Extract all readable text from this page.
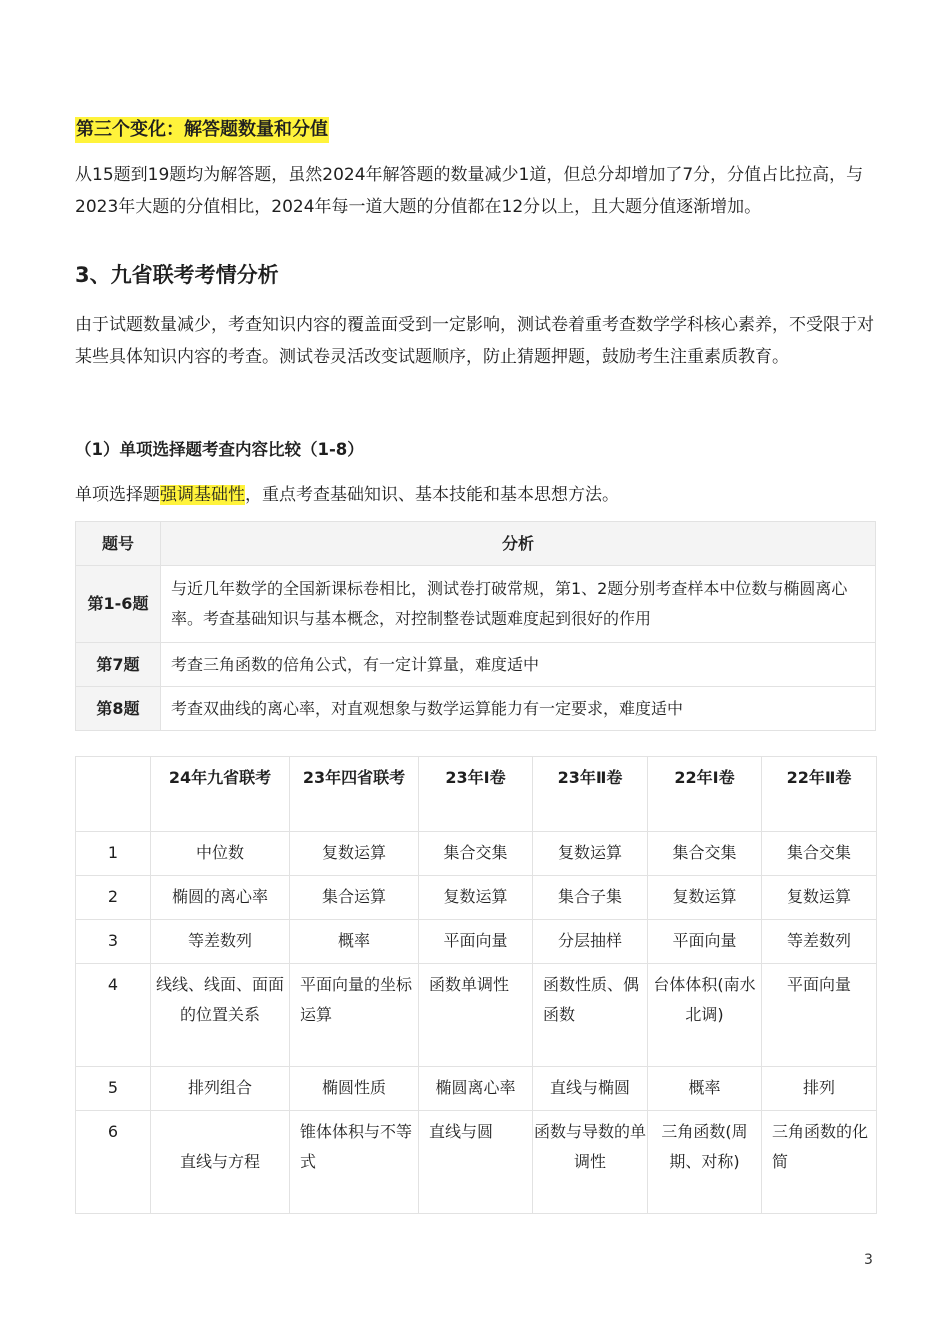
第三个变化：解答题数量和分值
从15题到19题均为解答题，虽然2024年解答题的数量减少1道，但总分却增加了7分，分值占比拉高，与2023年大题的分值相比，2024年每一道大题的分值都在12分以上，且大题分值逐渐增加。
3、九省联考考情分析
由于试题数量减少，考查知识内容的覆盖面受到一定影响，测试卷着重考查数学学科核心素养，不受限于对某些具体知识内容的考查。测试卷灵活改变试题顺序，防止猜题押题，鼓励考生注重素质教育。
（1）单项选择题考查内容比较（1-8）
单项选择题强调基础性，重点考查基础知识、基本技能和基本思想方法。
题号	分析
第1-6题	与近几年数学的全国新课标卷相比，测试卷打破常规，第1、2题分别考查样本中位数与椭圆离心率。考查基础知识与基本概念，对控制整卷试题难度起到很好的作用
第7题	考查三角函数的倍角公式，有一定计算量，难度适中
第8题	考查双曲线的离心率，对直观想象与数学运算能力有一定要求，难度适中
	24年九省联考	23年四省联考	23年Ⅰ卷	23年Ⅱ卷	22年Ⅰ卷	22年Ⅱ卷
1	中位数	复数运算	集合交集	复数运算	集合交集	集合交集
2	椭圆的离心率	集合运算	复数运算	集合子集	复数运算	复数运算
3	等差数列	概率	平面向量	分层抽样	平面向量	等差数列
4	线线、线面、面面的位置关系	平面向量的坐标运算	函数单调性	函数性质、偶函数	台体体积(南水北调)	平面向量
5	排列组合	椭圆性质	椭圆离心率	直线与椭圆	概率	排列
6	直线与方程	锥体体积与不等式	直线与圆	函数与导数的单调性	三角函数(周期、对称)	三角函数的化简
3
